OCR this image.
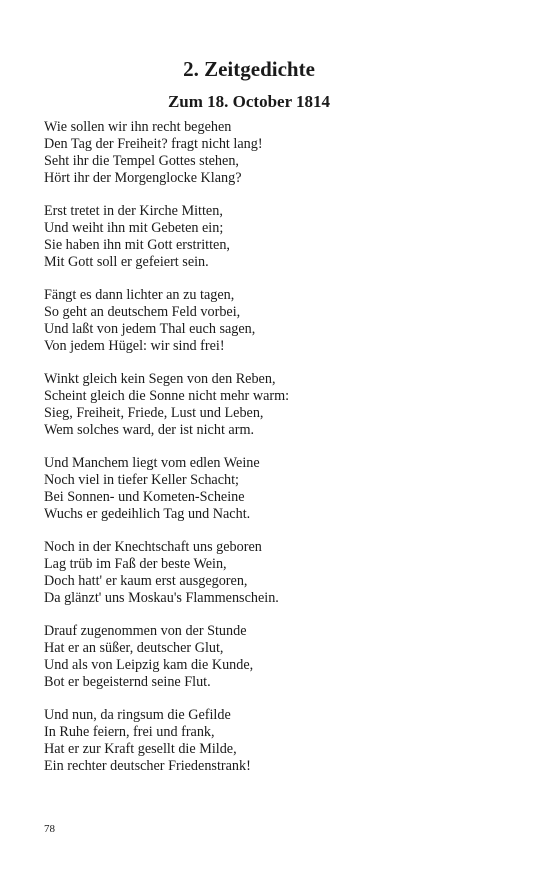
2. Zeitgedichte
Zum 18. October 1814
Wie sollen wir ihn recht begehen
Den Tag der Freiheit? fragt nicht lang!
Seht ihr die Tempel Gottes stehen,
Hört ihr der Morgenglocke Klang?
Erst tretet in der Kirche Mitten,
Und weiht ihn mit Gebeten ein;
Sie haben ihn mit Gott erstritten,
Mit Gott soll er gefeiert sein.
Fängt es dann lichter an zu tagen,
So geht an deutschem Feld vorbei,
Und laßt von jedem Thal euch sagen,
Von jedem Hügel: wir sind frei!
Winkt gleich kein Segen von den Reben,
Scheint gleich die Sonne nicht mehr warm:
Sieg, Freiheit, Friede, Lust und Leben,
Wem solches ward, der ist nicht arm.
Und Manchem liegt vom edlen Weine
Noch viel in tiefer Keller Schacht;
Bei Sonnen- und Kometen-Scheine
Wuchs er gedeihlich Tag und Nacht.
Noch in der Knechtschaft uns geboren
Lag trüb im Faß der beste Wein,
Doch hatt' er kaum erst ausgegoren,
Da glänzt' uns Moskau's Flammenschein.
Drauf zugenommen von der Stunde
Hat er an süßer, deutscher Glut,
Und als von Leipzig kam die Kunde,
Bot er begeisternd seine Flut.
Und nun, da ringsum die Gefilde
In Ruhe feiern, frei und frank,
Hat er zur Kraft gesellt die Milde,
Ein rechter deutscher Friedenstrank!
78
